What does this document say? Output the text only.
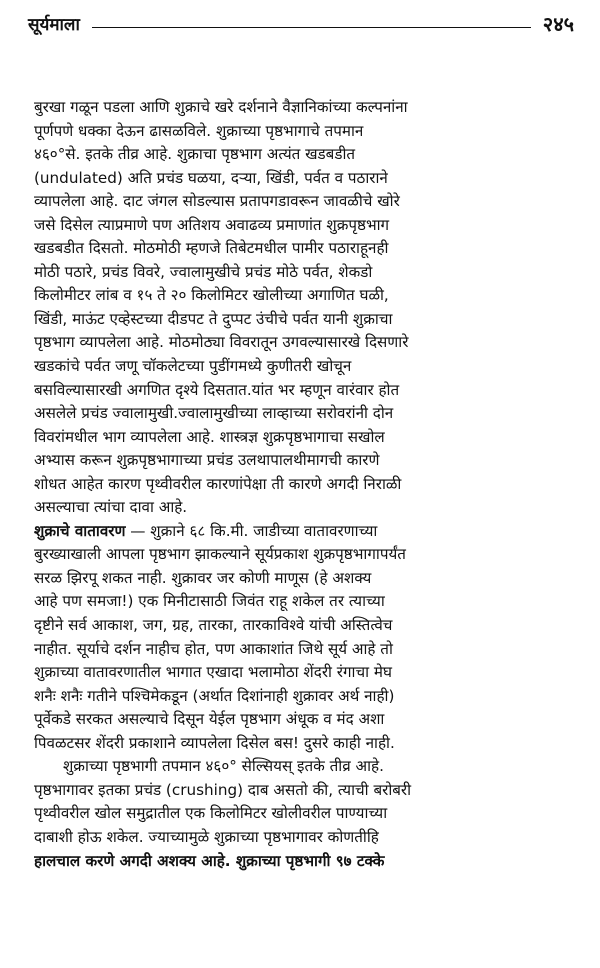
सूर्यमाला	२४५
बुरखा गळून पडला आणि शुक्राचे खरे दर्शनाने वैज्ञानिकांच्या कल्पनांना
पूर्णपणे धक्का देऊन ढासळविले. शुक्राच्या पृष्ठभागाचे तपमान
४६०°से. इतके तीव्र आहे. शुक्राचा पृष्ठभाग अत्यंत खडबडीत
(undulated) अति प्रचंड घळया, दऱ्या, खिंडी, पर्वत व पठाराने
व्यापलेला आहे. दाट जंगल सोडल्यास प्रतापगडावरून जावळीचे खोरे
जसे दिसेल त्याप्रमाणे पण अतिशय अवाढव्य प्रमाणांत शुक्रपृष्ठभाग
खडबडीत दिसतो. मोठमोठी म्हणजे तिबेटमधील पामीर पठाराहूनही
मोठी पठारे, प्रचंड विवरे, ज्वालामुखीचे प्रचंड मोठे पर्वत, शेकडो
किलोमीटर लांब व १५ ते २० किलोमिटर खोलीच्या अगाणित घळी,
खिंडी, माऊंट एव्हेस्टच्या दीडपट ते दुप्पट उंचीचे पर्वत यानी शुक्राचा
पृष्ठभाग व्यापलेला आहे. मोठमोठ्या विवरातून उगवल्यासारखे दिसणारे
खडकांचे पर्वत जणू चॉकलेटच्या पुडींगमध्ये कुणीतरी खोचून
बसविल्यासारखी अगणित दृश्ये दिसतात.यांत भर म्हणून वारंवार होत
असलेले प्रचंड ज्वालामुखी.ज्वालामुखीच्या लाव्हाच्या सरोवरांनी दोन
विवरांमधील भाग व्यापलेला आहे. शास्त्रज्ञ शुक्रपृष्ठभागाचा सखोल
अभ्यास करून शुक्रपृष्ठभागाच्या प्रचंड उलथापालथीमागची कारणे
शोधत आहेत कारण पृथ्वीवरील कारणांपेक्षा ती कारणे अगदी निराळी
असल्याचा त्यांचा दावा आहे.
शुक्राचे वातावरण — शुक्राने ६८ कि.मी. जाडीच्या वातावरणाच्या
बुरख्याखाली आपला पृष्ठभाग झाकल्याने सूर्यप्रकाश शुक्रपृष्ठभागापर्यंत
सरळ झिरपू शकत नाही. शुक्रावर जर कोणी माणूस (हे अशक्य
आहे पण समजा!) एक मिनीटासाठी जिवंत राहू शकेल तर त्याच्या
दृष्टीने सर्व आकाश, जग, ग्रह, तारका, तारकाविश्वे यांची अस्तित्वेच
नाहीत. सूर्याचे दर्शन नाहीच होत, पण आकाशांत जिथे सूर्य आहे तो
शुक्राच्या वातावरणातील भागात एखादा भलामोठा शेंदरी रंगाचा मेघ
शनैः शनैः गतीने पश्चिमेकडून (अर्थात दिशांनाही शुक्रावर अर्थ नाही)
पूर्वेकडे सरकत असल्याचे दिसून येईल पृष्ठभाग अंधूक व मंद अशा
पिवळटसर शेंदरी प्रकाशाने व्यापलेला दिसेल बस! दुसरे काही नाही.
शुक्राच्या पृष्ठभागी तपमान ४६०° सेल्सियस् इतके तीव्र आहे.
पृष्ठभागावर इतका प्रचंड (crushing) दाब असतो की, त्याची बरोबरी
पृथ्वीवरील खोल समुद्रातील एक किलोमिटर खोलीवरील पाण्याच्या
दाबाशी होऊ शकेल. ज्याच्यामुळे शुक्राच्या पृष्ठभागावर कोणतीहि
हालचाल करणे अगदी अशक्य आहे. शुक्राच्या पृष्ठभागी ९७ टक्के
